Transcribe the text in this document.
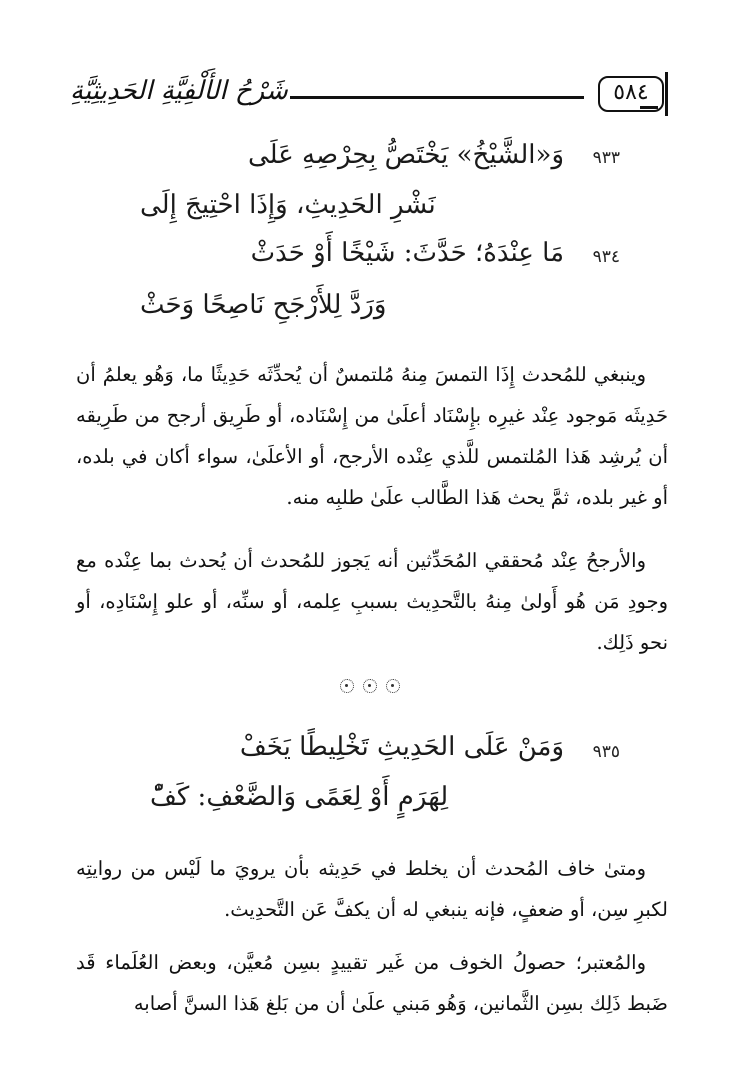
شَرْحُ الأَلْفِيَّةِ الحَدِيثِيَّةِ	٥٨٤
٩٣٣
وَ«الشَّيْخُ» يَخْتَصُّ بِحِرْصِهِ عَلَى
نَشْرِ الحَدِيثِ، وَإِذَا احْتِيجَ إِلَى
٩٣٤
مَا عِنْدَهُ؛ حَدَّثَ: شَيْخًا أَوْ حَدَثْ
وَرَدَّ لِلأَرْجَحِ نَاصِحًا وَحَثْ

وينبغي للمُحدث إِذَا التمسَ مِنهُ مُلتمسٌ أن يُحدِّثَه حَدِيثًا ما، وَهُو يعلمُ أن حَدِيثَه مَوجود عِنْد غيرِه بإِسْنَاد أعلَىٰ من إِسْنَاده، أو طَرِيق أرجح من طَرِيقه أن يُرشِد هَذا المُلتمس للَّذي عِنْده الأرجح، أو الأعلَىٰ، سواء أكان في بلده، أو غير بلده، ثمَّ يحث هَذا الطَّالب علَىٰ طلبِه منه.

والأرجحُ عِنْد مُحققي المُحَدِّثين أنه يَجوز للمُحدث أن يُحدث بما عِنْده مع وجودِ مَن هُو أَولىٰ مِنهُ بالتَّحدِيث بسببِ عِلمه، أو سنِّه، أو علو إِسْنَادِه، أو نحو ذَلِك.

٩٣٥
وَمَنْ عَلَى الحَدِيثِ تَخْلِيطًا يَخَفْ
لِهَرَمٍ أَوْ لِعَمًى وَالضَّعْفِ: كَفّْ

ومتىٰ خاف المُحدث أن يخلط في حَدِيثه بأن يرويَ ما لَيْس من روايتِه لكبرِ سِن، أو ضعفٍ، فإنه ينبغي له أن يكفَّ عَن التَّحدِيث.

والمُعتبر؛ حصولُ الخوف من غَير تقييدٍ بسِن مُعيَّن، وبعض العُلَماء قَد ضَبط ذَلِك بسِن الثَّمانين، وَهُو مَبني علَىٰ أن من بَلغ هَذا السنَّ أصابه
